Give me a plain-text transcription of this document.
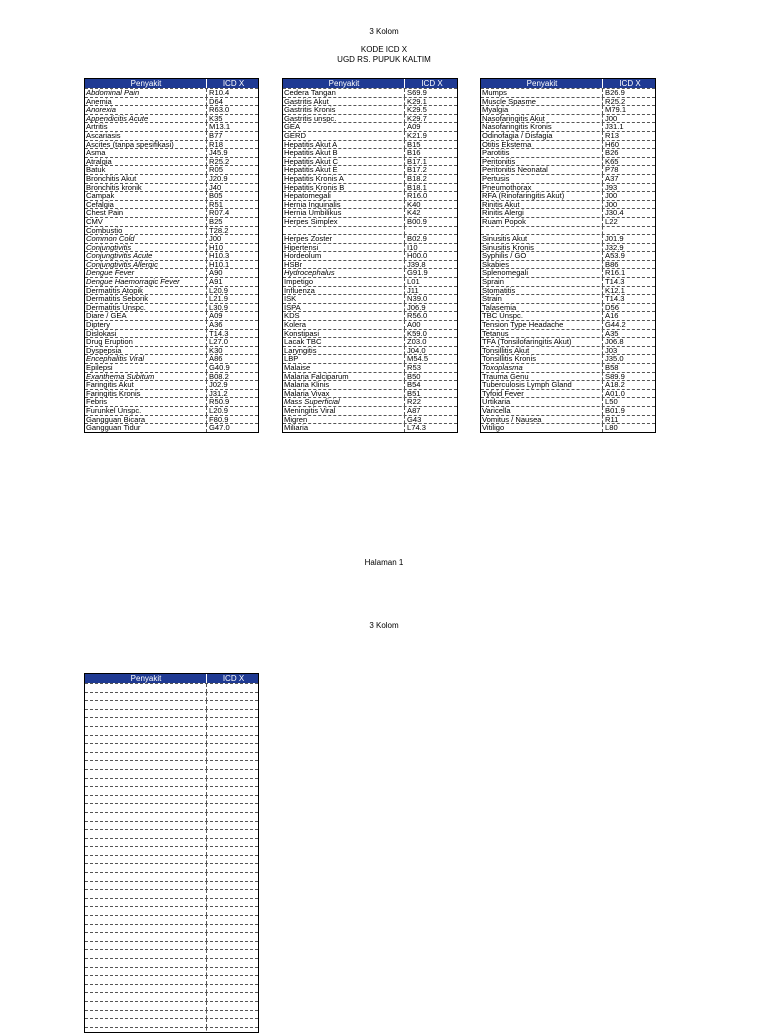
3 Kolom
KODE ICD X
UGD RS. PUPUK KALTIM
Penyakit	ICD X
Abdominal Pain	R10.4
Anemia	D64
Anorexia	R63.0
Appendicitis Acute	K35
Artritis	M13.1
Ascariasis	B77
Ascites (tanpa spesifikasi)	R18
Asma	J45.9
Atralgia	R25.2
Batuk	R05
Bronchitis Akut	J20.9
Bronchitis kronik	J40
Campak	B05
Cefalgia	R51
Chest Pain	R07.4
CMV	B25
Combustio	T28.2
Common Cold	J00
Conjungtivitis	H10
Conjungtivitis Acute	H10.3
Conjungtivitis Allergic	H10.1
Dengue Fever	A90
Dengue Haemorragic Fever	A91
Dermatitis Atopik	L20.9
Dermatitis Seborik	L21.9
Dermatitis Unspc.	L30.9
Diare / GEA	A09
Diptery	A36
Dislokasi	T14.3
Drug Eruption	L27.0
Dyspepsia	K30
Encephalitis Viral	A86
Epilepsi	G40.9
Exanthema Subitum	B08.2
Faringitis Akut	J02.9
Faringitis Kronis	J31.2
Febris	R50.9
Furunkel Unspc.	L20.9
Gangguan Bicara	F80.9
Gangguan Tidur	G47.0
Penyakit	ICD X
Cedera Tangan	S69.9
Gastritis Akut	K29.1
Gastritis Kronis	K29.5
Gastritis unspc.	K29.7
GEA	A09
GERD	K21.9
Hepatitis Akut A	B15
Hepatitis Akut B	B16
Hepatitis Akut C	B17.1
Hepatitis Akut E	B17.2
Hepatitis Kronis A	B18.2
Hepatitis Kronis B	B18.1
Hepatomegali	R16.0
Hernia Inguinalis	K40
Hernia Umbilikus	K42
Herpes Simplex	B00.9
Herpes Zoster	B02.9
Hipertensi	I10
Hordeolum	H00.0
HSBr	J39.8
Hydrocephalus	G91.9
Impetigo	L01
Influenza	J11
ISK	N39.0
ISPA	J06.9
KDS	R56.0
Kolera	A00
Konstipasi	K59.0
Lacak TBC	Z03.0
Laryngitis	J04.0
LBP	M54.5
Malaise	R53
Malaria Falciparum	B50
Malaria Klinis	B54
Malaria Vivax	B51
Mass Superficial	R22
Meningitis Viral	A87
Migren	G43
Miliaria	L74.3
Penyakit	ICD X
Mumps	B26.9
Muscle Spasme	R25.2
Myalgia	M79.1
Nasofaringitis Akut	J00
Nasofaringitis Kronis	J31.1
Odinofagia / Disfagia	R13
Otitis Eksterna	H60
Parotitis	B26
Peritonitis	K65
Peritonitis Neonatal	P78
Pertusis	A37
Pneumothorax	J93
RFA (Rinofaringitis Akut)	J00
Rinitis Akut	J00
Rinitis Alergi	J30.4
Ruam Popok	L22
Sinusitis Akut	J01.9
Sinusitis Kronis	J32.9
Syphilis / GO	A53.9
Skabies	B86
Splenomegali	R16.1
Sprain	T14.3
Stomatitis	K12.1
Strain	T14.3
Talasemia	D56
TBC Unspc.	A16
Tension Type Headache	G44.2
Tetanus	A35
TFA (Tonsilofaringitis Akut)	J06.8
Tonsillitis Akut	J03
Tonsillitis Kronis	J35.0
Toxoplasma	B58
Trauma Genu	S89.9
Tuberculosis Lymph Gland	A18.2
Tyfoid Fever	A01.0
Urtikaria	L50
Varicella	B01.9
Vomitus / Nausea	R11
Vitiligo	L80
Halaman 1
3 Kolom
Penyakit	ICD X
